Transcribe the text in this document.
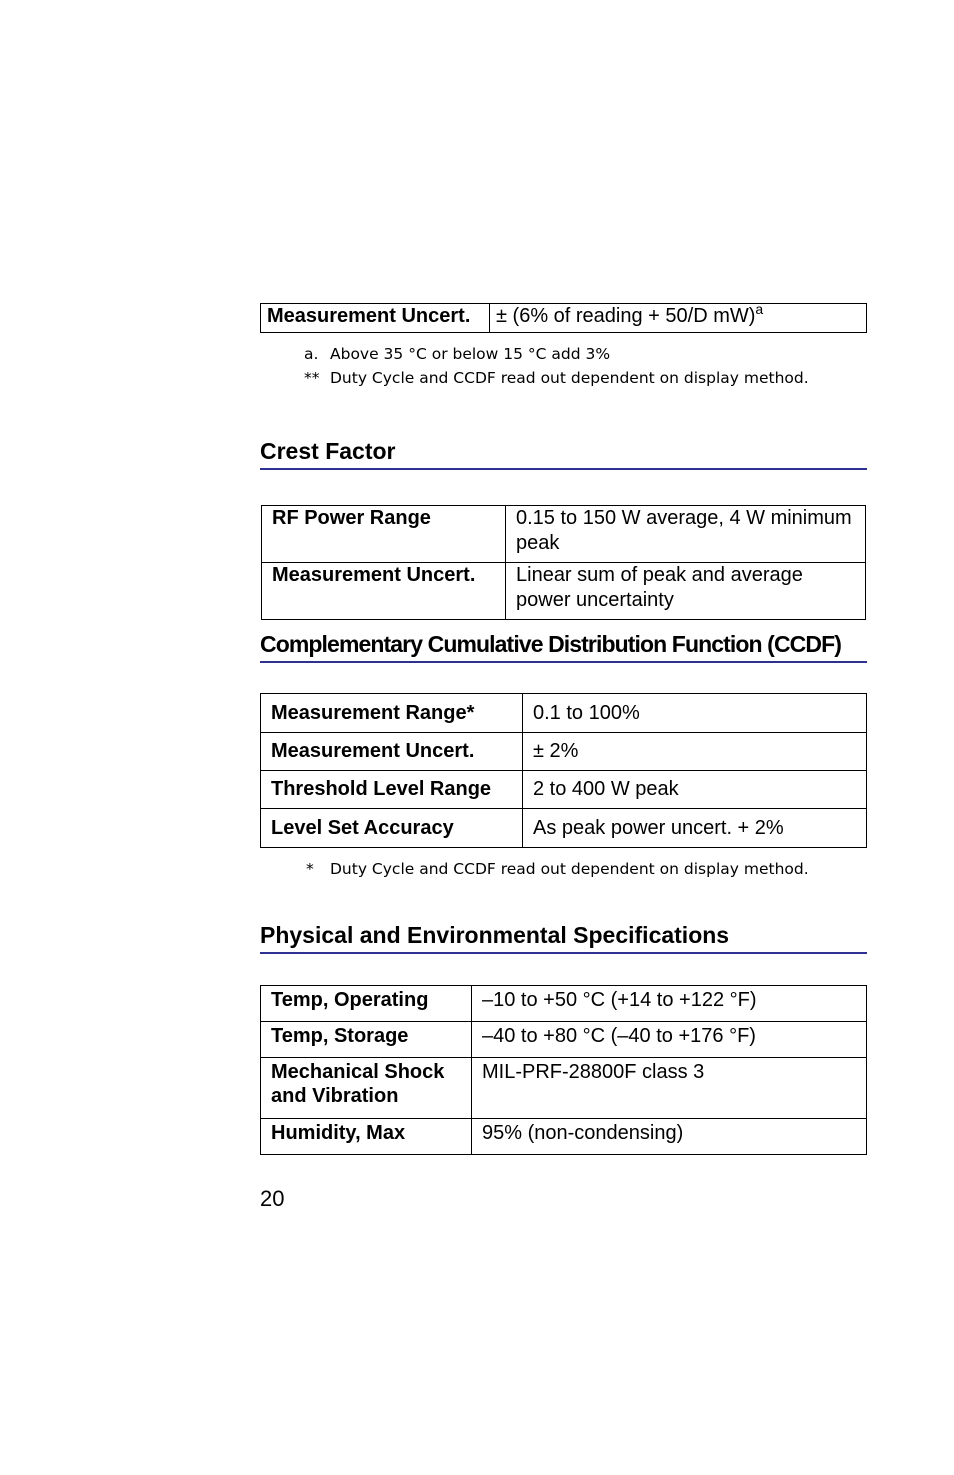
Measurement Uncert.	± (6% of reading + 50/D mW)$^a$
a. Above 35 °C or below 15 °C add 3%
** Duty Cycle and CCDF read out dependent on display method.
Crest Factor
RF Power Range	0.15 to 150 W average, 4 W minimum peak
Measurement Uncert.	Linear sum of peak and average power uncertainty
Complementary Cumulative Distribution Function (CCDF)
Measurement Range*	0.1 to 100%
Measurement Uncert.	± 2%
Threshold Level Range	2 to 400 W peak
Level Set Accuracy	As peak power uncert. + 2%
* Duty Cycle and CCDF read out dependent on display method.
Physical and Environmental Specifications
Temp, Operating	–10 to +50 °C (+14 to +122 °F)
Temp, Storage	–40 to +80 °C (–40 to +176 °F)
Mechanical Shock and Vibration	MIL-PRF-28800F class 3
Humidity, Max	95% (non-condensing)
20
